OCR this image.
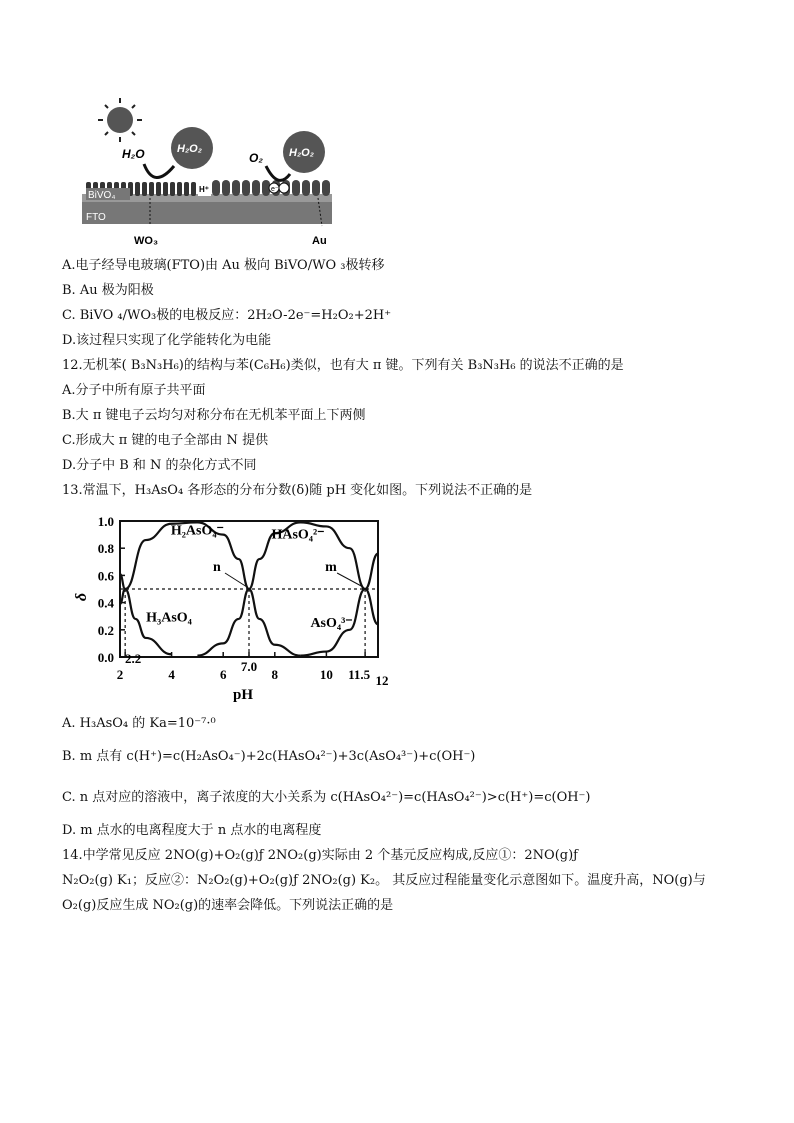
e⁻
H₂O	H₂O₂
O₂ H₂O₂
BiVO₄
H⁺
FTO
WO₃	Au
A.电子经导电玻璃(FTO)由 Au 极向 BiVO/WO ₃极转移
B. Au 极为阳极
C. BiVO ₄/WO₃极的电极反应：2H₂O-2e⁻=H₂O₂+2H⁺
D.该过程只实现了化学能转化为电能
12.无机苯( B₃N₃H₆)的结构与苯(C₆H₆)类似，也有大 π 键。下列有关 B₃N₃H₆ 的说法不正确的是
A.分子中所有原子共平面
B.大 π 键电子云均匀对称分布在无机苯平面上下两侧
C.形成大 π 键的电子全部由 N 提供
D.分子中 B 和 N 的杂化方式不同
13.常温下，H₃AsO₄ 各形态的分布分数(δ)随 pH 变化如图。下列说法不正确的是
0.0
0.2
0.4
0.6
0.8
1.0
2
2.2
4	6
7.0
8	10 11.5 12
pH
δ
H₃AsO₄
H₂AsO₄⁻	HAsO₄²⁻
AsO₄³⁻
n	m
A. H₃AsO₄ 的 Ka=10⁻⁷·⁰
B. m 点有 c(H⁺)=c(H₂AsO₄⁻)+2c(HAsO₄²⁻)+3c(AsO₄³⁻)+c(OH⁻)
C. n 点对应的溶液中，离子浓度的大小关系为 c(HAsO₄²⁻)=c(HAsO₄²⁻)>c(H⁺)=c(OH⁻)
D. m 点水的电离程度大于 n 点水的电离程度
14.中学常见反应 2NO(g)+O₂(g)ƒ 2NO₂(g)实际由 2 个基元反应构成,反应①：2NO(g)ƒ
N₂O₂(g) K₁；反应②：N₂O₂(g)+O₂(g)ƒ 2NO₂(g) K₂。 其反应过程能量变化示意图如下。温度升高，NO(g)与
O₂(g)反应生成 NO₂(g)的速率会降低。下列说法正确的是
